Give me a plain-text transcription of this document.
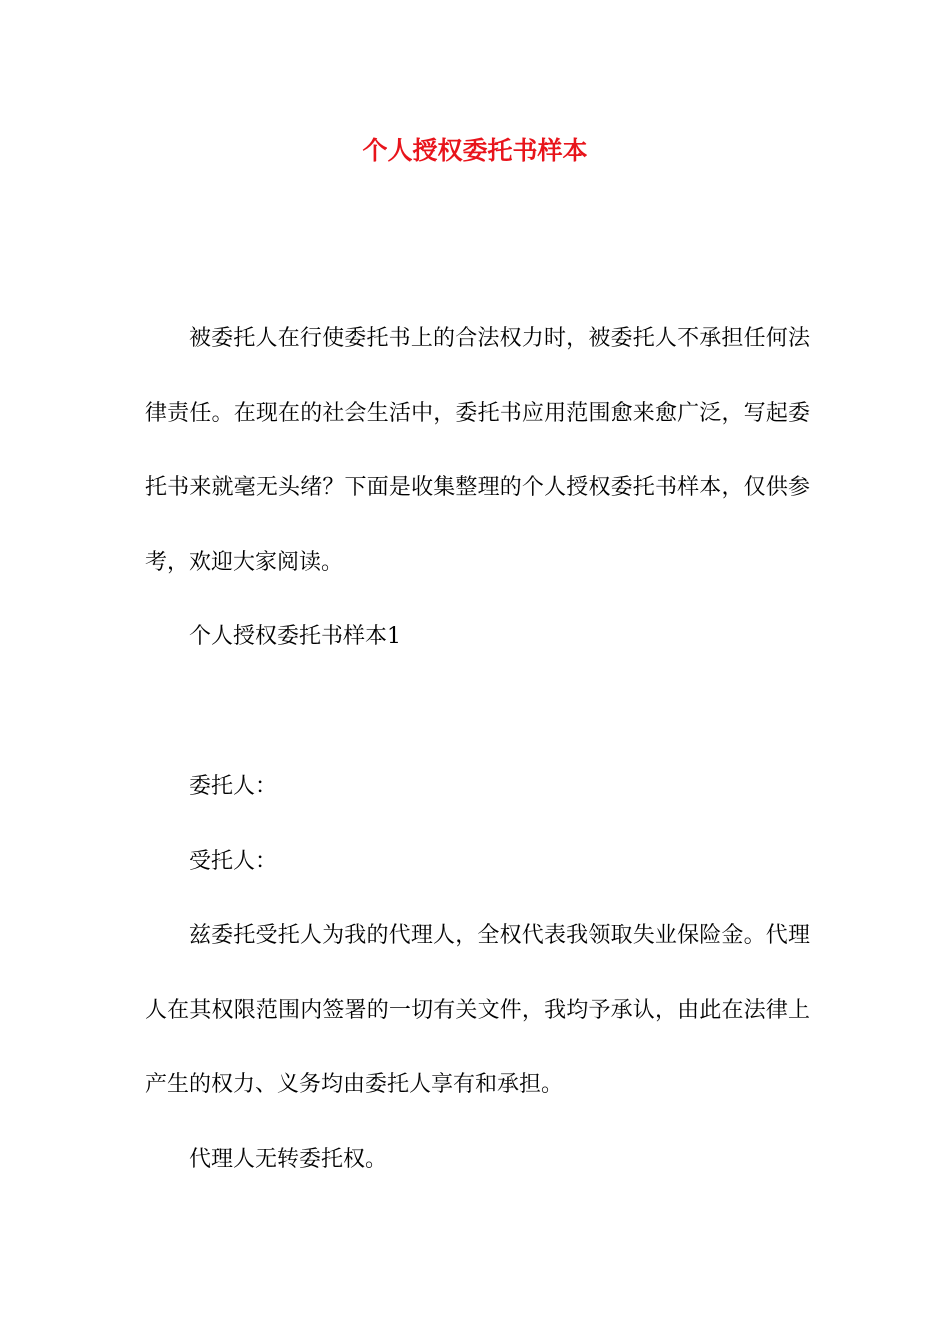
个人授权委托书样本

被委托人在行使委托书上的合法权力时，被委托人不承担任何法律责任。在现在的社会生活中，委托书应用范围愈来愈广泛，写起委托书来就毫无头绪？下面是收集整理的个人授权委托书样本，仅供参考，欢迎大家阅读。

个人授权委托书样本1

委托人：

受托人：

兹委托受托人为我的代理人，全权代表我领取失业保险金。代理人在其权限范围内签署的一切有关文件，我均予承认，由此在法律上产生的权力、义务均由委托人享有和承担。

代理人无转委托权。
